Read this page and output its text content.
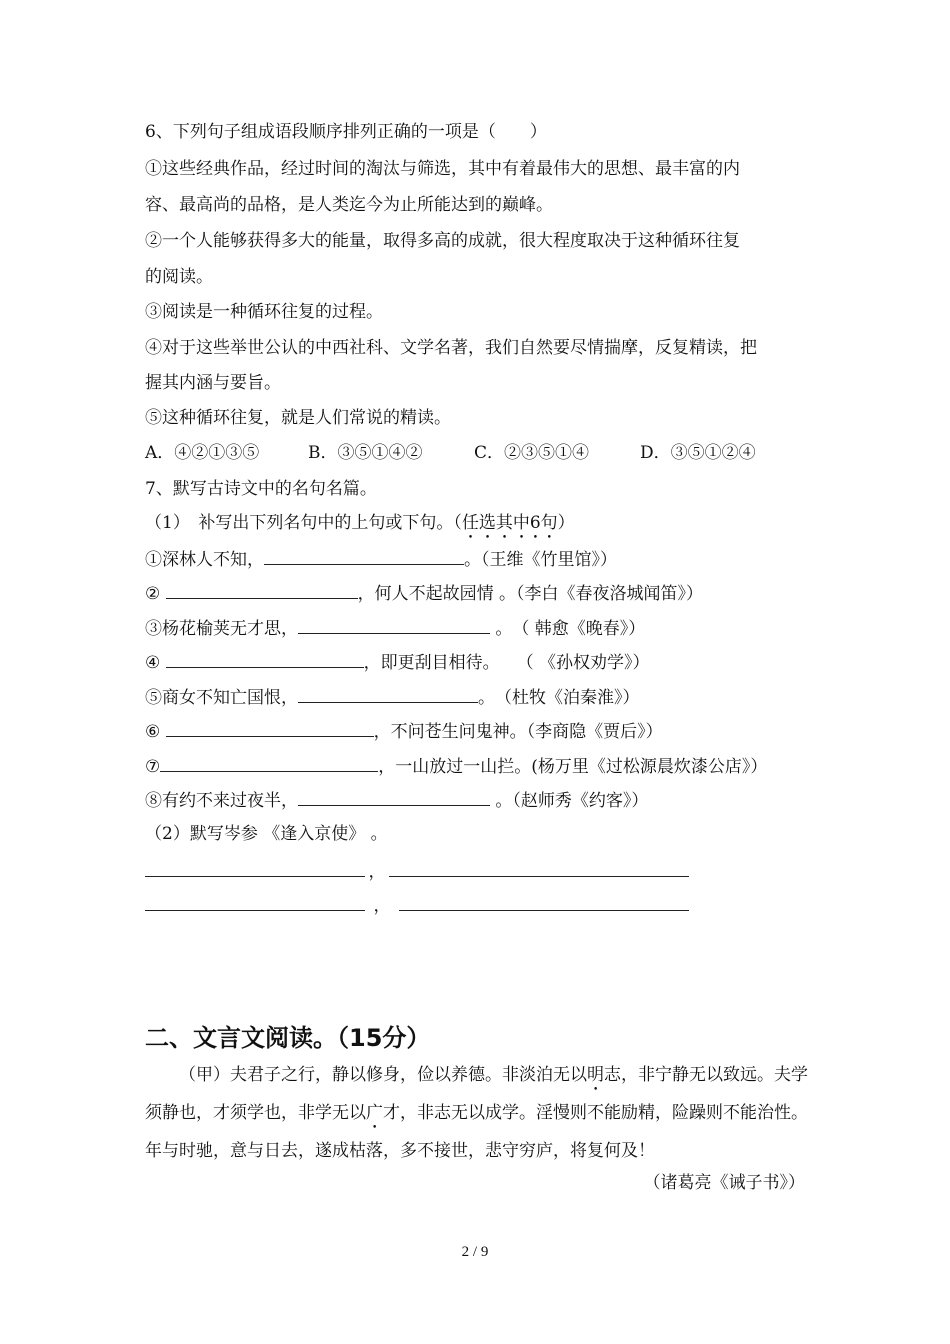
6、下列句子组成语段顺序排列正确的一项是（　　）
①这些经典作品，经过时间的淘汰与筛选，其中有着最伟大的思想、最丰富的内
容、最高尚的品格，是人类迄今为止所能达到的巅峰。
②一个人能够获得多大的能量，取得多高的成就，很大程度取决于这种循环往复
的阅读。
③阅读是一种循环往复的过程。
④对于这些举世公认的中西社科、文学名著，我们自然要尽情揣摩，反复精读，把
握其内涵与要旨。
⑤这种循环往复，就是人们常说的精读。
A．④②①③⑤	B．③⑤①④②	C．②③⑤①④	D．③⑤①②④
7、默写古诗文中的名句名篇。
（1）　补写出下列名句中的上句或下句。（任选其中6句）
①深林人不知，	。（王维《竹里馆》）
②	，何人不起故园情 。（李白《春夜洛城闻笛》）
③杨花榆荚无才思，	。　（ 韩愈《晚春》）
④	，即更刮目相待。　　（ 《孙权劝学》）
⑤商女不知亡国恨，	。　（杜牧《泊秦淮》）
⑥	，不问苍生问鬼神。（李商隐《贾后》）
⑦	，一山放过一山拦。(杨万里《过松源晨炊漆公店》）
⑧有约不来过夜半，	。（赵师秀《约客》）
（2）默写岑参 《逢入京使》 。
，
，
二、文言文阅读。（15分）
（甲）夫君子之行，静以修身，俭以养德。非淡泊无以明志，非宁静无以致远。夫学须静也，才须学也，非学无以广才，非志无以成学。淫慢则不能励精，险躁则不能治性。年与时驰，意与日去，遂成枯落，多不接世，悲守穷庐，将复何及！
（诸葛亮《诫子书》）
2 / 9
